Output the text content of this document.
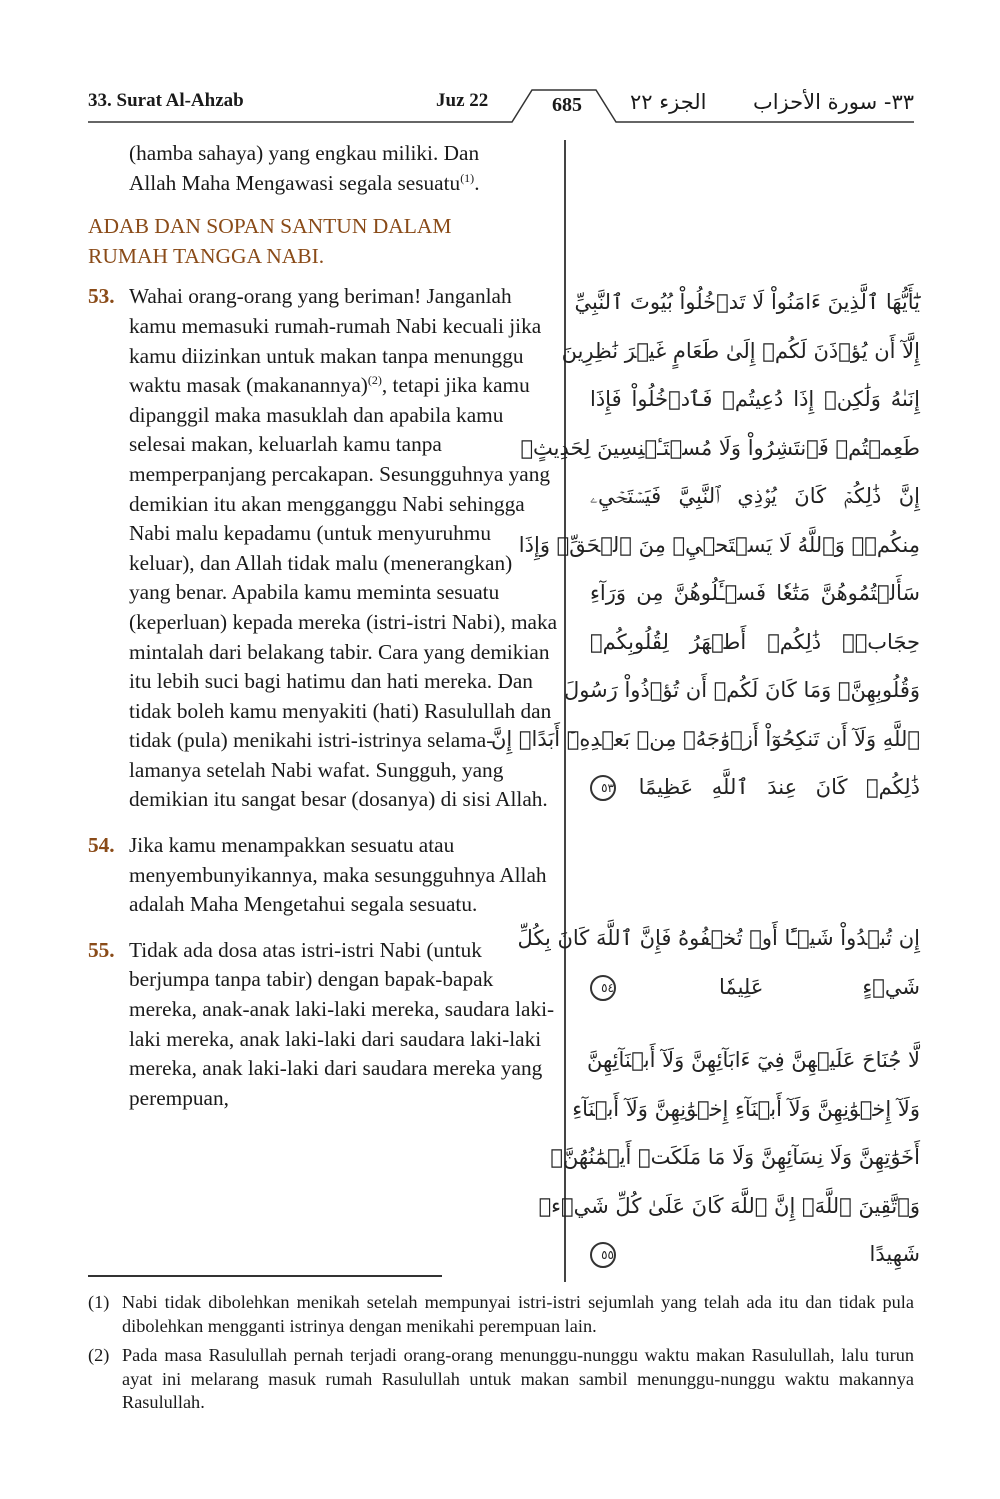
33. Surat Al-Ahzab	Juz 22	685	الجزء ٢٢ ٣٣- سورة الأحزاب
(hamba sahaya) yang engkau miliki. Dan
Allah Maha Mengawasi segala sesuatu$^{(1)}$.
ADAB DAN SOPAN SANTUN DALAM
RUMAH TANGGA NABI.
53. Wahai orang-orang yang beriman! Janganlah kamu memasuki rumah-rumah Nabi kecuali jika kamu diizinkan untuk makan tanpa menunggu waktu masak (makanannya)$^{(2)}$, tetapi jika kamu dipanggil maka masuklah dan apabila kamu selesai makan, keluarlah kamu tanpa memperpanjang percakapan. Sesungguhnya yang demikian itu akan mengganggu Nabi sehingga Nabi malu kepadamu (untuk menyuruhmu keluar), dan Allah tidak malu (menerangkan) yang benar. Apabila kamu meminta sesuatu (keperluan) kepada mereka (istri-istri Nabi), maka mintalah dari belakang tabir. Cara yang demikian itu lebih suci bagi hatimu dan hati mereka. Dan tidak boleh kamu menyakiti (hati) Rasulullah dan tidak (pula) menikahi istri-istrinya selama-lamanya setelah Nabi wafat. Sungguh, yang demikian itu sangat besar (dosanya) di sisi Allah.
54. Jika kamu menampakkan sesuatu atau menyembunyikannya, maka sesungguhnya Allah adalah Maha Mengetahui segala sesuatu.
55. Tidak ada dosa atas istri-istri Nabi (untuk berjumpa tanpa tabir) dengan bapak-bapak mereka, anak-anak laki-laki mereka, saudara laki-laki mereka, anak laki-laki dari saudara laki-laki mereka, anak laki-laki dari saudara mereka yang perempuan,
يَٰٓأَيُّهَا ٱلَّذِينَ ءَامَنُواْ لَا تَدۡخُلُواْ بُيُوتَ ٱلنَّبِيِّ
إِلَّآ أَن يُؤۡذَنَ لَكُمۡ إِلَىٰ طَعَامٍ غَيۡرَ نَٰظِرِينَ
إِنَىٰهُ وَلَٰكِنۡ إِذَا دُعِيتُمۡ فَٱدۡخُلُواْ فَإِذَا
طَعِمۡتُمۡ فَٱنتَشِرُواْ وَلَا مُسۡتَـٔۡنِسِينَ لِحَدِيثٍۚ
إِنَّ ذَٰلِكُمۡ كَانَ يُؤۡذِي ٱلنَّبِيَّ فَيَسۡتَحۡيِۦ
مِنكُمۡۖ وَٱللَّهُ لَا يَسۡتَحۡيِۦ مِنَ ٱلۡحَقِّۚ وَإِذَا
سَأَلۡتُمُوهُنَّ مَتَٰعٗا فَسۡـَٔلُوهُنَّ مِن وَرَآءِ
حِجَابٖۚ ذَٰلِكُمۡ أَطۡهَرُ لِقُلُوبِكُمۡ
وَقُلُوبِهِنَّۚ وَمَا كَانَ لَكُمۡ أَن تُؤۡذُواْ رَسُولَ
ٱللَّهِ وَلَآ أَن تَنكِحُوٓاْ أَزۡوَٰجَهُۥ مِنۢ بَعۡدِهِۦٓ أَبَدًاۚ إِنَّ
ذَٰلِكُمۡ كَانَ عِندَ ٱللَّهِ عَظِيمًا ٥٣
إِن تُبۡدُواْ شَيۡـًٔا أَوۡ تُخۡفُوهُ فَإِنَّ ٱللَّهَ كَانَ بِكُلِّ
شَيۡءٍ عَلِيمٗا ٥٤
لَّا جُنَاحَ عَلَيۡهِنَّ فِيٓ ءَابَآئِهِنَّ وَلَآ أَبۡنَآئِهِنَّ
وَلَآ إِخۡوَٰنِهِنَّ وَلَآ أَبۡنَآءِ إِخۡوَٰنِهِنَّ وَلَآ أَبۡنَآءِ
أَخَوَٰتِهِنَّ وَلَا نِسَآئِهِنَّ وَلَا مَا مَلَكَتۡ أَيۡمَٰنُهُنَّۗ
وَٱتَّقِينَ ٱللَّهَۚ إِنَّ ٱللَّهَ كَانَ عَلَىٰ كُلِّ شَيۡءٖ
شَهِيدًا ٥٥
(1) Nabi tidak dibolehkan menikah setelah mempunyai istri-istri sejumlah yang telah ada itu dan tidak pula dibolehkan mengganti istrinya dengan menikahi perempuan lain.
(2) Pada masa Rasulullah pernah terjadi orang-orang menunggu-nunggu waktu makan Rasulullah, lalu turun ayat ini melarang masuk rumah Rasulullah untuk makan sambil menunggu-nunggu waktu makannya Rasulullah.
